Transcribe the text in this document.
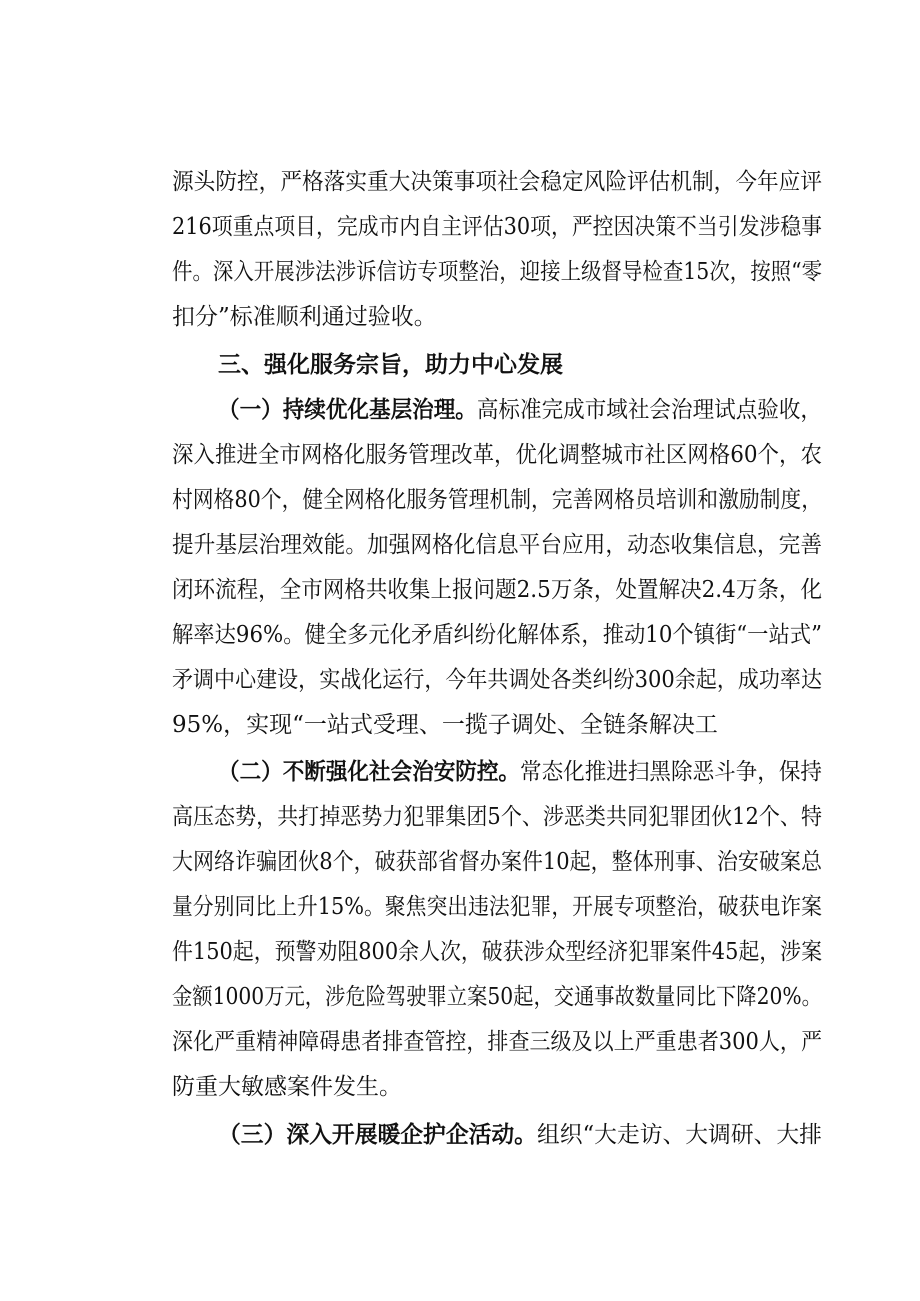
源头防控，严格落实重大决策事项社会稳定风险评估机制，今年应评
216项重点项目，完成市内自主评估30项，严控因决策不当引发涉稳事
件。深入开展涉法涉诉信访专项整治，迎接上级督导检查15次，按照“零
扣分”标准顺利通过验收。
三、强化服务宗旨，助力中心发展
（一）持续优化基层治理。高标准完成市域社会治理试点验收，
深入推进全市网格化服务管理改革，优化调整城市社区网格60个，农
村网格80个，健全网格化服务管理机制，完善网格员培训和激励制度，
提升基层治理效能。加强网格化信息平台应用，动态收集信息，完善
闭环流程，全市网格共收集上报问题2.5万条，处置解决2.4万条，化
解率达96%。健全多元化矛盾纠纷化解体系，推动10个镇街“一站式”
矛调中心建设，实战化运行，今年共调处各类纠纷300余起，成功率达
95%，实现“一站式受理、一揽子调处、全链条解决工
（二）不断强化社会治安防控。常态化推进扫黑除恶斗争，保持
高压态势，共打掉恶势力犯罪集团5个、涉恶类共同犯罪团伙12个、特
大网络诈骗团伙8个，破获部省督办案件10起，整体刑事、治安破案总
量分别同比上升15%。聚焦突出违法犯罪，开展专项整治，破获电诈案
件150起，预警劝阻800余人次，破获涉众型经济犯罪案件45起，涉案
金额1000万元，涉危险驾驶罪立案50起，交通事故数量同比下降20%。
深化严重精神障碍患者排查管控，排查三级及以上严重患者300人，严
防重大敏感案件发生。
（三）深入开展暖企护企活动。组织“大走访、大调研、大排
